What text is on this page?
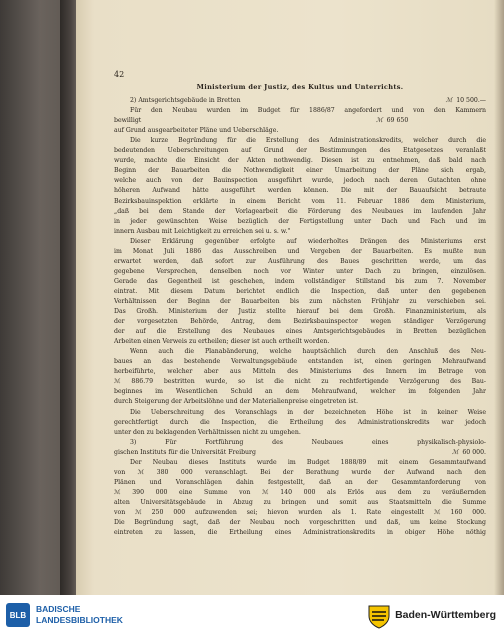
42
Ministerium der Justiz, des Kultus und Unterrichts.
2) Amtsgerichtsgebäude in Bretten	ℳ 10 500.—
Für den Neubau wurden im Budget für 1886/87 angefordert und von den Kammern
bewilligt	ℳ 69 650
auf Grund ausgearbeiteter Pläne und Ueberschläge.
Die kurze Begründung für die Erstellung des Administrationskredits, welcher durch die
bedeutenden Ueberschreitungen auf Grund der Bestimmungen des Etatgesetzes veranlaßt
wurde, machte die Einsicht der Akten nothwendig. Diesen ist zu entnehmen, daß bald nach
Beginn der Bauarbeiten die Nothwendigkeit einer Umarbeitung der Pläne sich ergab,
welche auch von der Bauinspection ausgeführt wurde, jedoch nach deren Gutachten ohne
höheren Aufwand hätte ausgeführt werden können. Die mit der Bauaufsicht betraute
Bezirksbauinspektion erklärte in einem Bericht vom 11. Februar 1886 dem Ministerium,
„daß bei dem Stande der Vorlagearbeit die Förderung des Neubaues im laufenden Jahr
in jeder gewünschten Weise bezüglich der Fertigstellung unter Dach und Fach und im
innern Ausbau mit Leichtigkeit zu erreichen sei u. s. w."
Dieser Erklärung gegenüber erfolgte auf wiederholtes Drängen des Ministeriums erst
im Monat Juli 1886 das Ausschreiben und Vergeben der Bauarbeiten. Es mußte nun
erwartet werden, daß sofort zur Ausführung des Baues geschritten werde, um das
gegebene Versprechen, denselben noch vor Winter unter Dach zu bringen, einzulösen.
Gerade das Gegentheil ist geschehen, indem vollständiger Stillstand bis zum 7. November
eintrat. Mit diesem Datum berichtet endlich die Inspection, daß unter den gegebenen
Verhältnissen der Beginn der Bauarbeiten bis zum nächsten Frühjahr zu verschieben sei.
Das Großh. Ministerium der Justiz stellte hierauf bei dem Großh. Finanzministerium, als
der vorgesetzten Behörde, Antrag, dem Bezirksbauinspector wegen ständiger Verzögerung
der auf die Erstellung des Neubaues eines Amtsgerichtsgebäudes in Bretten bezüglichen
Arbeiten einen Verweis zu ertheilen; dieser ist auch ertheilt worden.
Wenn auch die Planabänderung, welche hauptsächlich durch den Anschluß des Neu-
baues an das bestehende Verwaltungsgebäude entstanden ist, einen geringen Mehraufwand
herbeiführte, welcher aber aus Mitteln des Ministeriums des Innern im Betrage von
ℳ 886.79 bestritten wurde, so ist die nicht zu rechtfertigende Verzögerung des Bau-
beginnes im Wesentlichen Schuld an dem Mehraufwand, welcher im folgenden Jahr
durch Steigerung der Arbeitslöhne und der Materialienpreise eingetreten ist.
Die Ueberschreitung des Voranschlags in der bezeichneten Höhe ist in keiner Weise
gerechtfertigt durch die Inspection, die Ertheilung des Administrationskredits war jedoch
unter den zu beklagenden Verhältnissen nicht zu umgehen.
3) Für Fortführung des Neubaues eines physikalisch-physiolo-
gischen Instituts für die Universität Freiburg	ℳ 60 000.
Der Neubau dieses Instituts wurde im Budget 1888/89 mit einem Gesammtaufwand
von ℳ 380 000 veranschlagt. Bei der Berathung wurde der Aufwand nach den
Plänen und Voranschlägen dahin festgestellt, daß an der Gesammtanforderung von
ℳ 390 000 eine Summe von ℳ 140 000 als Erlös aus dem zu veräußernden
alten Universitätsgebäude in Abzug zu bringen und somit aus Staatsmitteln die Summe
von ℳ 250 000 aufzuwenden sei; hievon wurden als 1. Rate eingestellt ℳ 160 000.
Die Begründung sagt, daß der Neubau noch vorgeschritten und daß, um keine Stockung
eintreten zu lassen, die Ertheilung eines Administrationskredits in obiger Höhe nöthig
BLB
BADISCHE
LANDESBIBLIOTHEK	Baden-Württemberg
